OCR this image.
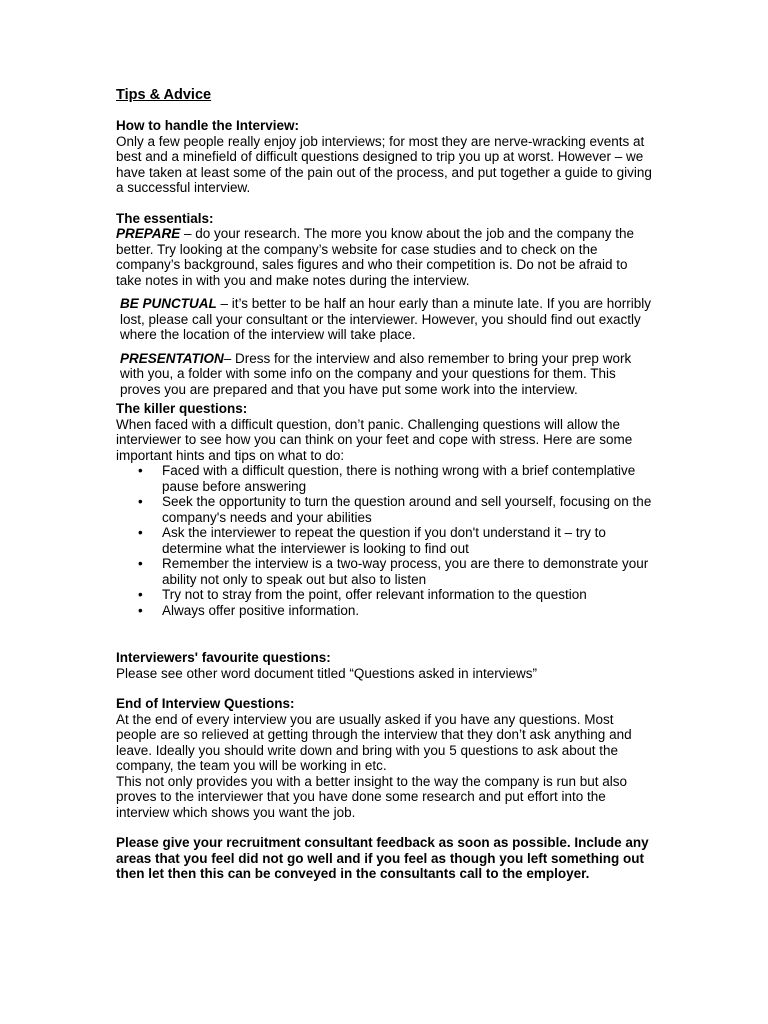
Tips & Advice
How to handle the Interview:

Only a few people really enjoy job interviews; for most they are nerve-wracking events at best and a minefield of difficult questions designed to trip you up at worst. However – we have taken at least some of the pain out of the process, and put together a guide to giving a successful interview.

The essentials:

PREPARE – do your research. The more you know about the job and the company the better. Try looking at the company’s website for case studies and to check on the company’s background, sales figures and who their competition is. Do not be afraid to take notes in with you and make notes during the interview.

BE PUNCTUAL – it’s better to be half an hour early than a minute late. If you are horribly lost, please call your consultant or the interviewer. However, you should find out exactly where the location of the interview will take place.

PRESENTATION– Dress for the interview and also remember to bring your prep work with you, a folder with some info on the company and your questions for them. This proves you are prepared and that you have put some work into the interview.

The killer questions:

When faced with a difficult question, don’t panic. Challenging questions will allow the interviewer to see how you can think on your feet and cope with stress. Here are some important hints and tips on what to do:

• Faced with a difficult question, there is nothing wrong with a brief contemplative pause before answering
• Seek the opportunity to turn the question around and sell yourself, focusing on the company's needs and your abilities
• Ask the interviewer to repeat the question if you don't understand it – try to determine what the interviewer is looking to find out
• Remember the interview is a two-way process, you are there to demonstrate your ability not only to speak out but also to listen
• Try not to stray from the point, offer relevant information to the question
• Always offer positive information.
Interviewers' favourite questions:

Please see other word document titled “Questions asked in interviews”

End of Interview Questions:

At the end of every interview you are usually asked if you have any questions. Most people are so relieved at getting through the interview that they don’t ask anything and leave. Ideally you should write down and bring with you 5 questions to ask about the company, the team you will be working in etc.

This not only provides you with a better insight to the way the company is run but also proves to the interviewer that you have done some research and put effort into the interview which shows you want the job.

Please give your recruitment consultant feedback as soon as possible. Include any areas that you feel did not go well and if you feel as though you left something out then let then this can be conveyed in the consultants call to the employer.
